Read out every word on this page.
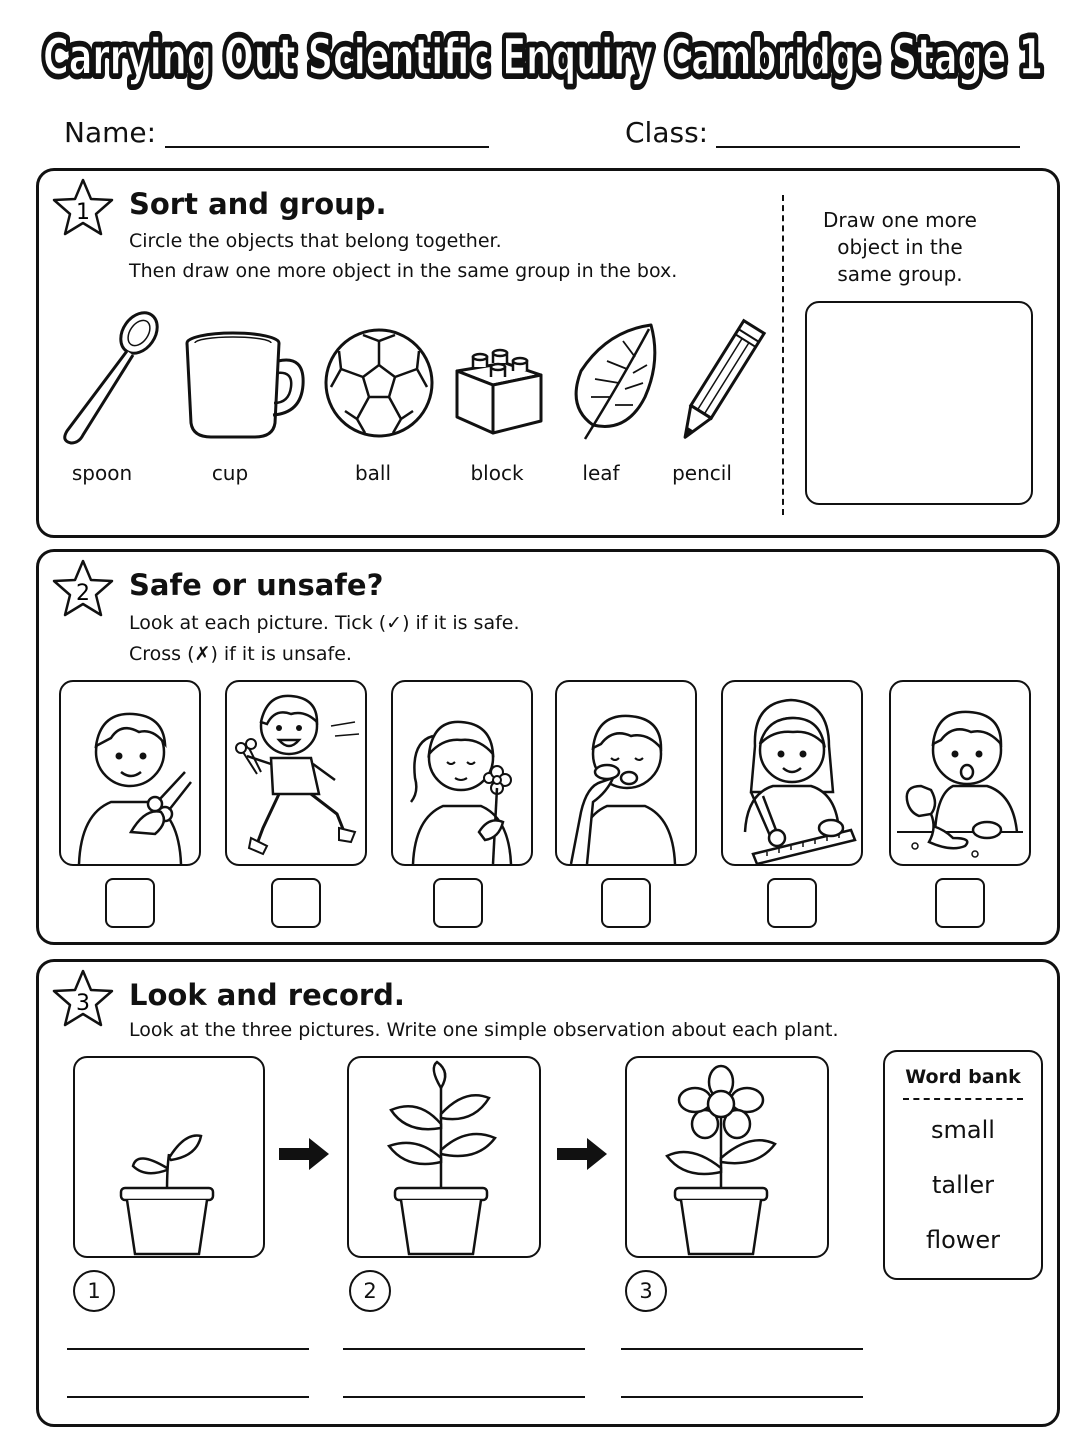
Carrying Out Scientific Enquiry Cambridge Stage 1
Carrying Out Scientific Enquiry Cambridge Stage 1
Name:	Class:
1 Sort and group.
Circle the objects that belong together.
Then draw one more object in the same group in the box.
spoon	cup	ball	block	leaf	pencil
Draw one more
object in the
same group.
2 Safe or unsafe?
Look at each picture. Tick (✓) if it is safe.
Cross (✗) if it is unsafe.
3 Look and record.
Look at the three pictures. Write one simple observation about each plant.
Word bank
small
taller
flower
1	2	3
